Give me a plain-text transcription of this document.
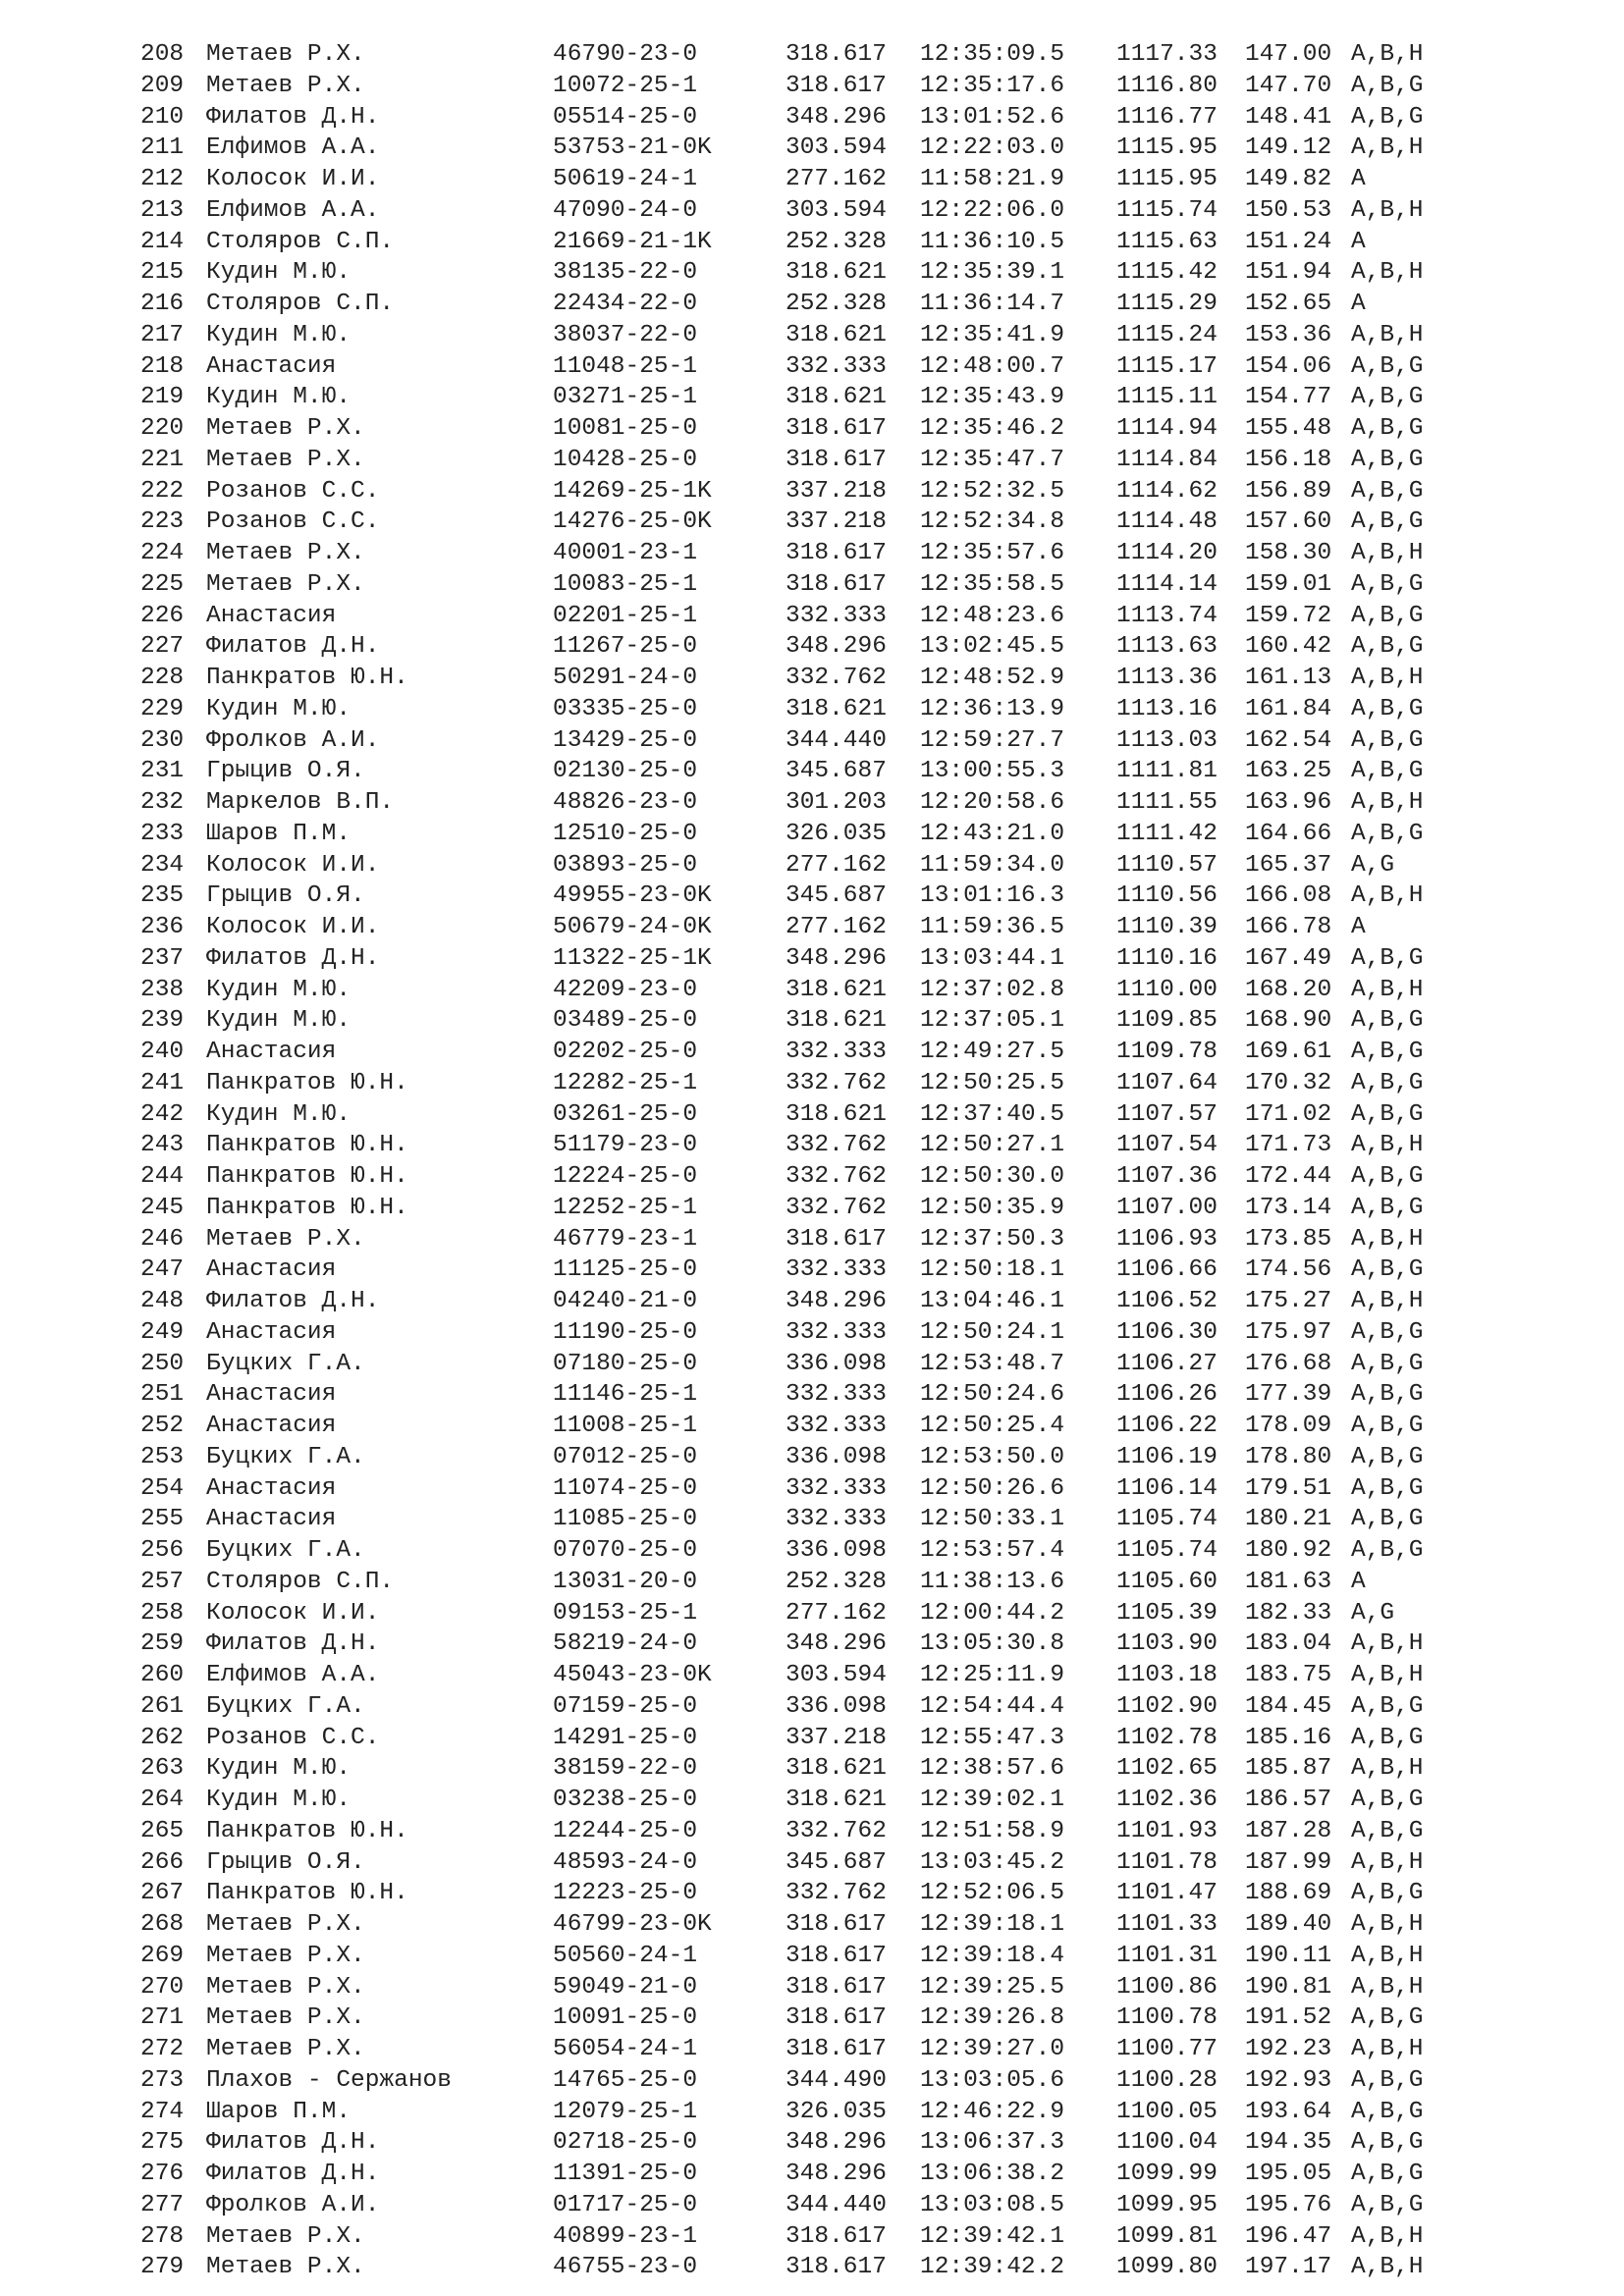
208 Метаев Р.Х.	46790-23-0	318.617 12:35:09.5 1117.33 147.00 A,B,H
209 Метаев Р.Х.	10072-25-1	318.617 12:35:17.6 1116.80 147.70 A,B,G
210 Филатов Д.Н.	05514-25-0	348.296 13:01:52.6 1116.77 148.41 A,B,G
211 Елфимов А.А.	53753-21-0K	303.594 12:22:03.0 1115.95 149.12 A,B,H
212 Колосок И.И.	50619-24-1	277.162 11:58:21.9 1115.95 149.82 A
213 Елфимов А.А.	47090-24-0	303.594 12:22:06.0 1115.74 150.53 A,B,H
214 Столяров С.П.	21669-21-1K	252.328 11:36:10.5 1115.63 151.24 A
215 Кудин М.Ю.	38135-22-0	318.621 12:35:39.1 1115.42 151.94 A,B,H
216 Столяров С.П.	22434-22-0	252.328 11:36:14.7 1115.29 152.65 A
217 Кудин М.Ю.	38037-22-0	318.621 12:35:41.9 1115.24 153.36 A,B,H
218 Анастасия	11048-25-1	332.333 12:48:00.7 1115.17 154.06 A,B,G
219 Кудин М.Ю.	03271-25-1	318.621 12:35:43.9 1115.11 154.77 A,B,G
220 Метаев Р.Х.	10081-25-0	318.617 12:35:46.2 1114.94 155.48 A,B,G
221 Метаев Р.Х.	10428-25-0	318.617 12:35:47.7 1114.84 156.18 A,B,G
222 Розанов С.С.	14269-25-1K	337.218 12:52:32.5 1114.62 156.89 A,B,G
223 Розанов С.С.	14276-25-0K	337.218 12:52:34.8 1114.48 157.60 A,B,G
224 Метаев Р.Х.	40001-23-1	318.617 12:35:57.6 1114.20 158.30 A,B,H
225 Метаев Р.Х.	10083-25-1	318.617 12:35:58.5 1114.14 159.01 A,B,G
226 Анастасия	02201-25-1	332.333 12:48:23.6 1113.74 159.72 A,B,G
227 Филатов Д.Н.	11267-25-0	348.296 13:02:45.5 1113.63 160.42 A,B,G
228 Панкратов Ю.Н.	50291-24-0	332.762 12:48:52.9 1113.36 161.13 A,B,H
229 Кудин М.Ю.	03335-25-0	318.621 12:36:13.9 1113.16 161.84 A,B,G
230 Фролков А.И.	13429-25-0	344.440 12:59:27.7 1113.03 162.54 A,B,G
231 Грыцив О.Я.	02130-25-0	345.687 13:00:55.3 1111.81 163.25 A,B,G
232 Маркелов В.П.	48826-23-0	301.203 12:20:58.6 1111.55 163.96 A,B,H
233 Шаров П.М.	12510-25-0	326.035 12:43:21.0 1111.42 164.66 A,B,G
234 Колосок И.И.	03893-25-0	277.162 11:59:34.0 1110.57 165.37 A,G
235 Грыцив О.Я.	49955-23-0K	345.687 13:01:16.3 1110.56 166.08 A,B,H
236 Колосок И.И.	50679-24-0K	277.162 11:59:36.5 1110.39 166.78 A
237 Филатов Д.Н.	11322-25-1K	348.296 13:03:44.1 1110.16 167.49 A,B,G
238 Кудин М.Ю.	42209-23-0	318.621 12:37:02.8 1110.00 168.20 A,B,H
239 Кудин М.Ю.	03489-25-0	318.621 12:37:05.1 1109.85 168.90 A,B,G
240 Анастасия	02202-25-0	332.333 12:49:27.5 1109.78 169.61 A,B,G
241 Панкратов Ю.Н.	12282-25-1	332.762 12:50:25.5 1107.64 170.32 A,B,G
242 Кудин М.Ю.	03261-25-0	318.621 12:37:40.5 1107.57 171.02 A,B,G
243 Панкратов Ю.Н.	51179-23-0	332.762 12:50:27.1 1107.54 171.73 A,B,H
244 Панкратов Ю.Н.	12224-25-0	332.762 12:50:30.0 1107.36 172.44 A,B,G
245 Панкратов Ю.Н.	12252-25-1	332.762 12:50:35.9 1107.00 173.14 A,B,G
246 Метаев Р.Х.	46779-23-1	318.617 12:37:50.3 1106.93 173.85 A,B,H
247 Анастасия	11125-25-0	332.333 12:50:18.1 1106.66 174.56 A,B,G
248 Филатов Д.Н.	04240-21-0	348.296 13:04:46.1 1106.52 175.27 A,B,H
249 Анастасия	11190-25-0	332.333 12:50:24.1 1106.30 175.97 A,B,G
250 Буцких Г.А.	07180-25-0	336.098 12:53:48.7 1106.27 176.68 A,B,G
251 Анастасия	11146-25-1	332.333 12:50:24.6 1106.26 177.39 A,B,G
252 Анастасия	11008-25-1	332.333 12:50:25.4 1106.22 178.09 A,B,G
253 Буцких Г.А.	07012-25-0	336.098 12:53:50.0 1106.19 178.80 A,B,G
254 Анастасия	11074-25-0	332.333 12:50:26.6 1106.14 179.51 A,B,G
255 Анастасия	11085-25-0	332.333 12:50:33.1 1105.74 180.21 A,B,G
256 Буцких Г.А.	07070-25-0	336.098 12:53:57.4 1105.74 180.92 A,B,G
257 Столяров С.П.	13031-20-0	252.328 11:38:13.6 1105.60 181.63 A
258 Колосок И.И.	09153-25-1	277.162 12:00:44.2 1105.39 182.33 A,G
259 Филатов Д.Н.	58219-24-0	348.296 13:05:30.8 1103.90 183.04 A,B,H
260 Елфимов А.А.	45043-23-0K	303.594 12:25:11.9 1103.18 183.75 A,B,H
261 Буцких Г.А.	07159-25-0	336.098 12:54:44.4 1102.90 184.45 A,B,G
262 Розанов С.С.	14291-25-0	337.218 12:55:47.3 1102.78 185.16 A,B,G
263 Кудин М.Ю.	38159-22-0	318.621 12:38:57.6 1102.65 185.87 A,B,H
264 Кудин М.Ю.	03238-25-0	318.621 12:39:02.1 1102.36 186.57 A,B,G
265 Панкратов Ю.Н.	12244-25-0	332.762 12:51:58.9 1101.93 187.28 A,B,G
266 Грыцив О.Я.	48593-24-0	345.687 13:03:45.2 1101.78 187.99 A,B,H
267 Панкратов Ю.Н.	12223-25-0	332.762 12:52:06.5 1101.47 188.69 A,B,G
268 Метаев Р.Х.	46799-23-0K	318.617 12:39:18.1 1101.33 189.40 A,B,H
269 Метаев Р.Х.	50560-24-1	318.617 12:39:18.4 1101.31 190.11 A,B,H
270 Метаев Р.Х.	59049-21-0	318.617 12:39:25.5 1100.86 190.81 A,B,H
271 Метаев Р.Х.	10091-25-0	318.617 12:39:26.8 1100.78 191.52 A,B,G
272 Метаев Р.Х.	56054-24-1	318.617 12:39:27.0 1100.77 192.23 A,B,H
273 Плахов - Сержанов	14765-25-0	344.490 13:03:05.6 1100.28 192.93 A,B,G
274 Шаров П.М.	12079-25-1	326.035 12:46:22.9 1100.05 193.64 A,B,G
275 Филатов Д.Н.	02718-25-0	348.296 13:06:37.3 1100.04 194.35 A,B,G
276 Филатов Д.Н.	11391-25-0	348.296 13:06:38.2 1099.99 195.05 A,B,G
277 Фролков А.И.	01717-25-0	344.440 13:03:08.5 1099.95 195.76 A,B,G
278 Метаев Р.Х.	40899-23-1	318.617 12:39:42.1 1099.81 196.47 A,B,H
279 Метаев Р.Х.	46755-23-0	318.617 12:39:42.2 1099.80 197.17 A,B,H
